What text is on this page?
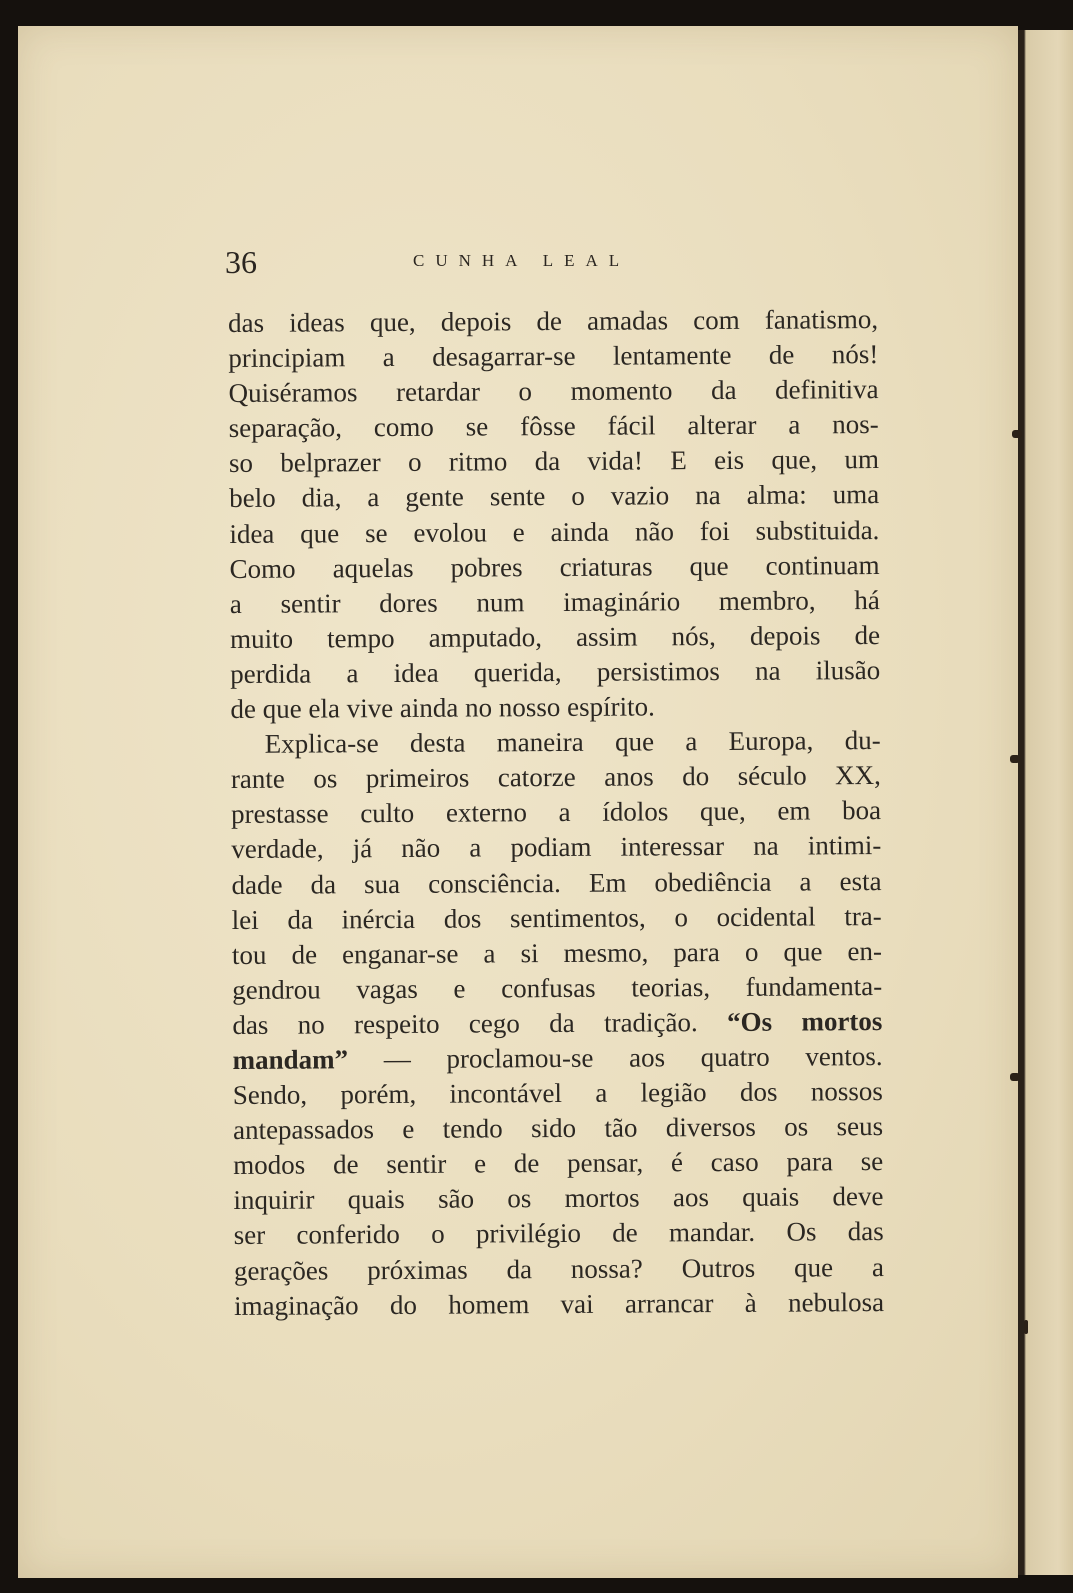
36	CUNHA LEAL
das ideas que, depois de amadas com fanatismo,
principiam a desagarrar-se lentamente de nós!
Quiséramos retardar o momento da definitiva
separação, como se fôsse fácil alterar a nos-
so belprazer o ritmo da vida! E eis que, um
belo dia, a gente sente o vazio na alma: uma
idea que se evolou e ainda não foi substituida.
Como aquelas pobres criaturas que continuam
a sentir dores num imaginário membro, há
muito tempo amputado, assim nós, depois de
perdida a idea querida, persistimos na ilusão
de que ela vive ainda no nosso espírito.
Explica-se desta maneira que a Europa, du-
rante os primeiros catorze anos do século XX,
prestasse culto externo a ídolos que, em boa
verdade, já não a podiam interessar na intimi-
dade da sua consciência. Em obediência a esta
lei da inércia dos sentimentos, o ocidental tra-
tou de enganar-se a si mesmo, para o que en-
gendrou vagas e confusas teorias, fundamenta-
das no respeito cego da tradição. “Os mortos
mandam” — proclamou-se aos quatro ventos.
Sendo, porém, incontável a legião dos nossos
antepassados e tendo sido tão diversos os seus
modos de sentir e de pensar, é caso para se
inquirir quais são os mortos aos quais deve
ser conferido o privilégio de mandar. Os das
gerações próximas da nossa? Outros que a
imaginação do homem vai arrancar à nebulosa
